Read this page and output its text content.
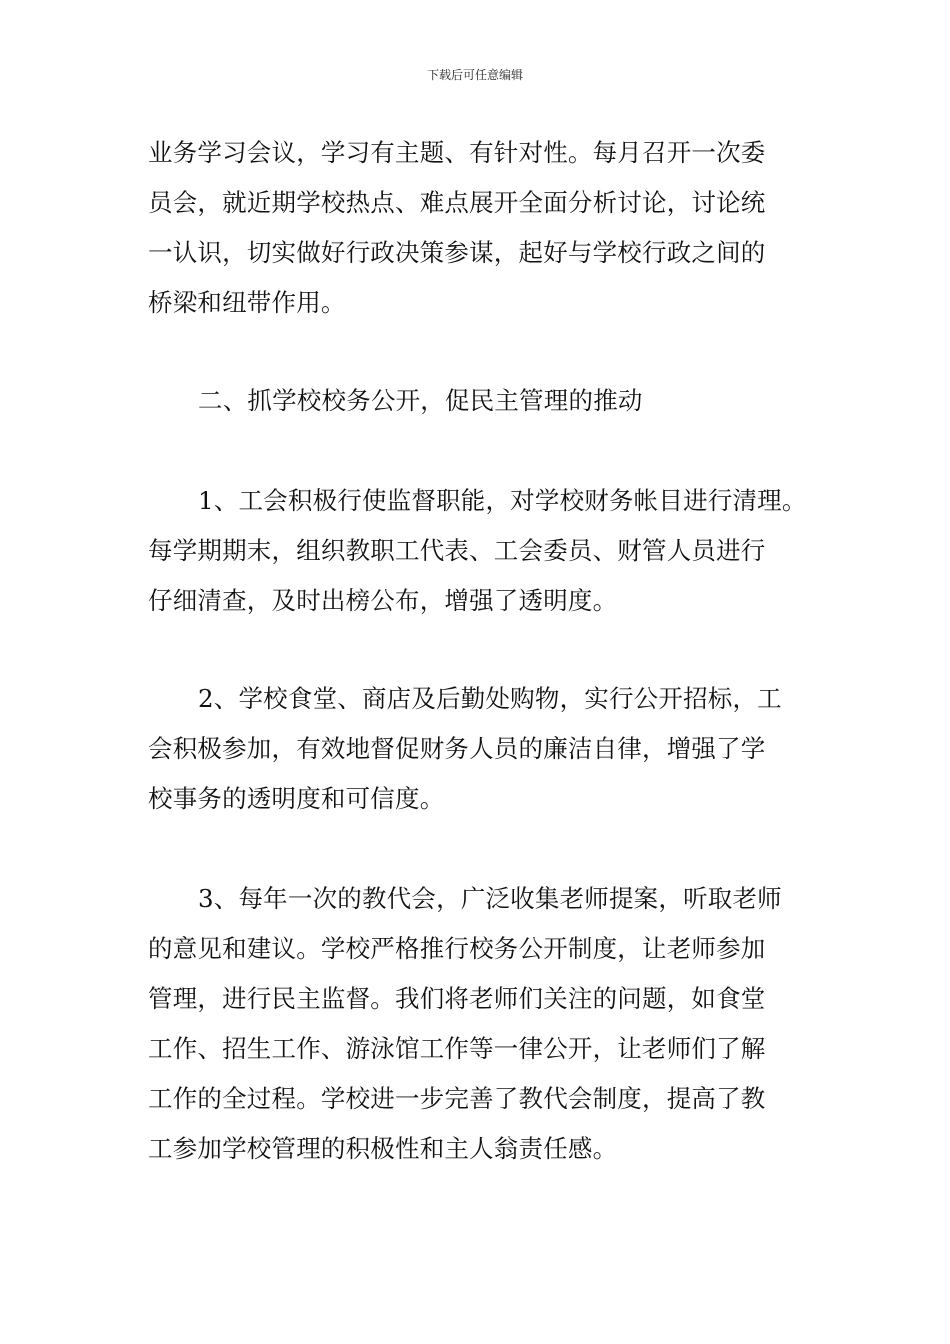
下载后可任意编辑
业务学习会议，学习有主题、有针对性。每月召开一次委
员会，就近期学校热点、难点展开全面分析讨论，讨论统
一认识，切实做好行政决策参谋，起好与学校行政之间的
桥梁和纽带作用。
二、抓学校校务公开，促民主管理的推动
1、工会积极行使监督职能，对学校财务帐目进行清理。
每学期期末，组织教职工代表、工会委员、财管人员进行
仔细清查，及时出榜公布，增强了透明度。
2、学校食堂、商店及后勤处购物，实行公开招标，工
会积极参加，有效地督促财务人员的廉洁自律，增强了学
校事务的透明度和可信度。
3、每年一次的教代会，广泛收集老师提案，听取老师
的意见和建议。学校严格推行校务公开制度，让老师参加
管理，进行民主监督。我们将老师们关注的问题，如食堂
工作、招生工作、游泳馆工作等一律公开，让老师们了解
工作的全过程。学校进一步完善了教代会制度，提高了教
工参加学校管理的积极性和主人翁责任感。
